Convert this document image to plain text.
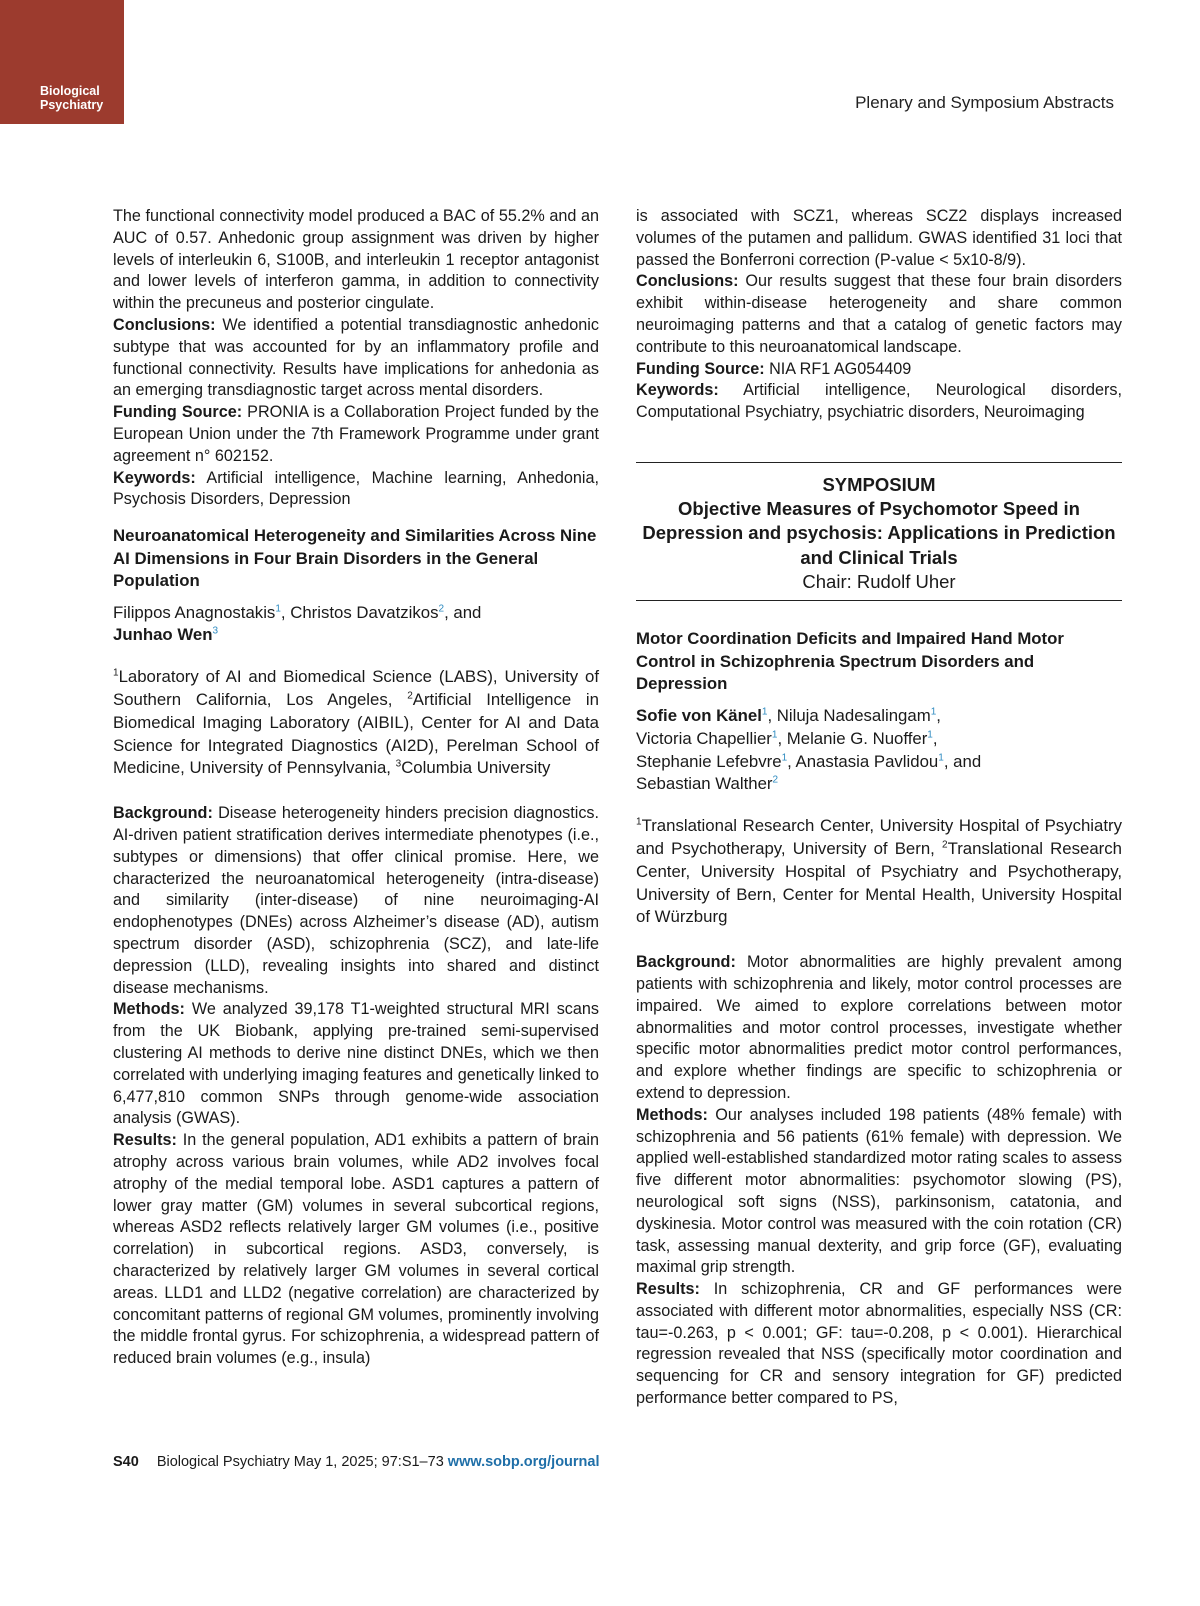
Biological
Psychiatry	Plenary and Symposium Abstracts

The functional connectivity model produced a BAC of 55.2% and an AUC of 0.57. Anhedonic group assignment was driven by higher levels of interleukin 6, S100B, and interleukin 1 receptor antagonist and lower levels of interferon gamma, in addition to connectivity within the precuneus and posterior cingulate.

Conclusions: We identified a potential transdiagnostic anhedonic subtype that was accounted for by an inflammatory profile and functional connectivity. Results have implications for anhedonia as an emerging transdiagnostic target across mental disorders.

Funding Source: PRONIA is a Collaboration Project funded by the European Union under the 7th Framework Programme under grant agreement n° 602152.

Keywords: Artificial intelligence, Machine learning, Anhedonia, Psychosis Disorders, Depression

Neuroanatomical Heterogeneity and Similarities Across Nine AI Dimensions in Four Brain Disorders in the General Population

Filippos Anagnostakis$^1$, Christos Davatzikos$^2$, and
Junhao Wen$^3$

$^1$Laboratory of AI and Biomedical Science (LABS), University of Southern California, Los Angeles, $^2$Artificial Intelligence in Biomedical Imaging Laboratory (AIBIL), Center for AI and Data Science for Integrated Diagnostics (AI2D), Perelman School of Medicine, University of Pennsylvania, $^3$Columbia University

Background: Disease heterogeneity hinders precision diagnostics. AI-driven patient stratification derives intermediate phenotypes (i.e., subtypes or dimensions) that offer clinical promise. Here, we characterized the neuroanatomical heterogeneity (intra-disease) and similarity (inter-disease) of nine neuroimaging-AI endophenotypes (DNEs) across Alzheimer’s disease (AD), autism spectrum disorder (ASD), schizophrenia (SCZ), and late-life depression (LLD), revealing insights into shared and distinct disease mechanisms.

Methods: We analyzed 39,178 T1-weighted structural MRI scans from the UK Biobank, applying pre-trained semi-supervised clustering AI methods to derive nine distinct DNEs, which we then correlated with underlying imaging features and genetically linked to 6,477,810 common SNPs through genome-wide association analysis (GWAS).

Results: In the general population, AD1 exhibits a pattern of brain atrophy across various brain volumes, while AD2 involves focal atrophy of the medial temporal lobe. ASD1 captures a pattern of lower gray matter (GM) volumes in several subcortical regions, whereas ASD2 reflects relatively larger GM volumes (i.e., positive correlation) in subcortical regions. ASD3, conversely, is characterized by relatively larger GM volumes in several cortical areas. LLD1 and LLD2 (negative correlation) are characterized by concomitant patterns of regional GM volumes, prominently involving the middle frontal gyrus. For schizophrenia, a widespread pattern of reduced brain volumes (e.g., insula)

is associated with SCZ1, whereas SCZ2 displays increased volumes of the putamen and pallidum. GWAS identified 31 loci that passed the Bonferroni correction (P-value < 5x10-8/9).

Conclusions: Our results suggest that these four brain disorders exhibit within-disease heterogeneity and share common neuroimaging patterns and that a catalog of genetic factors may contribute to this neuroanatomical landscape.

Funding Source: NIA RF1 AG054409

Keywords: Artificial intelligence, Neurological disorders, Computational Psychiatry, psychiatric disorders, Neuroimaging

SYMPOSIUM
Objective Measures of Psychomotor Speed in Depression and psychosis: Applications in Prediction and Clinical Trials
Chair: Rudolf Uher

Motor Coordination Deficits and Impaired Hand Motor Control in Schizophrenia Spectrum Disorders and Depression

Sofie von Känel$^1$, Niluja Nadesalingam$^1$,
Victoria Chapellier$^1$, Melanie G. Nuoffer$^1$,
Stephanie Lefebvre$^1$, Anastasia Pavlidou$^1$, and
Sebastian Walther$^2$

$^1$Translational Research Center, University Hospital of Psychiatry and Psychotherapy, University of Bern, $^2$Translational Research Center, University Hospital of Psychiatry and Psychotherapy, University of Bern, Center for Mental Health, University Hospital of Würzburg

Background: Motor abnormalities are highly prevalent among patients with schizophrenia and likely, motor control processes are impaired. We aimed to explore correlations between motor abnormalities and motor control processes, investigate whether specific motor abnormalities predict motor control performances, and explore whether findings are specific to schizophrenia or extend to depression.

Methods: Our analyses included 198 patients (48% female) with schizophrenia and 56 patients (61% female) with depression. We applied well-established standardized motor rating scales to assess five different motor abnormalities: psychomotor slowing (PS), neurological soft signs (NSS), parkinsonism, catatonia, and dyskinesia. Motor control was measured with the coin rotation (CR) task, assessing manual dexterity, and grip force (GF), evaluating maximal grip strength.

Results: In schizophrenia, CR and GF performances were associated with different motor abnormalities, especially NSS (CR: tau=-0.263, p < 0.001; GF: tau=-0.208, p < 0.001). Hierarchical regression revealed that NSS (specifically motor coordination and sequencing for CR and sensory integration for GF) predicted performance better compared to PS,

S40 Biological Psychiatry May 1, 2025; 97:S1–73 www.sobp.org/journal
